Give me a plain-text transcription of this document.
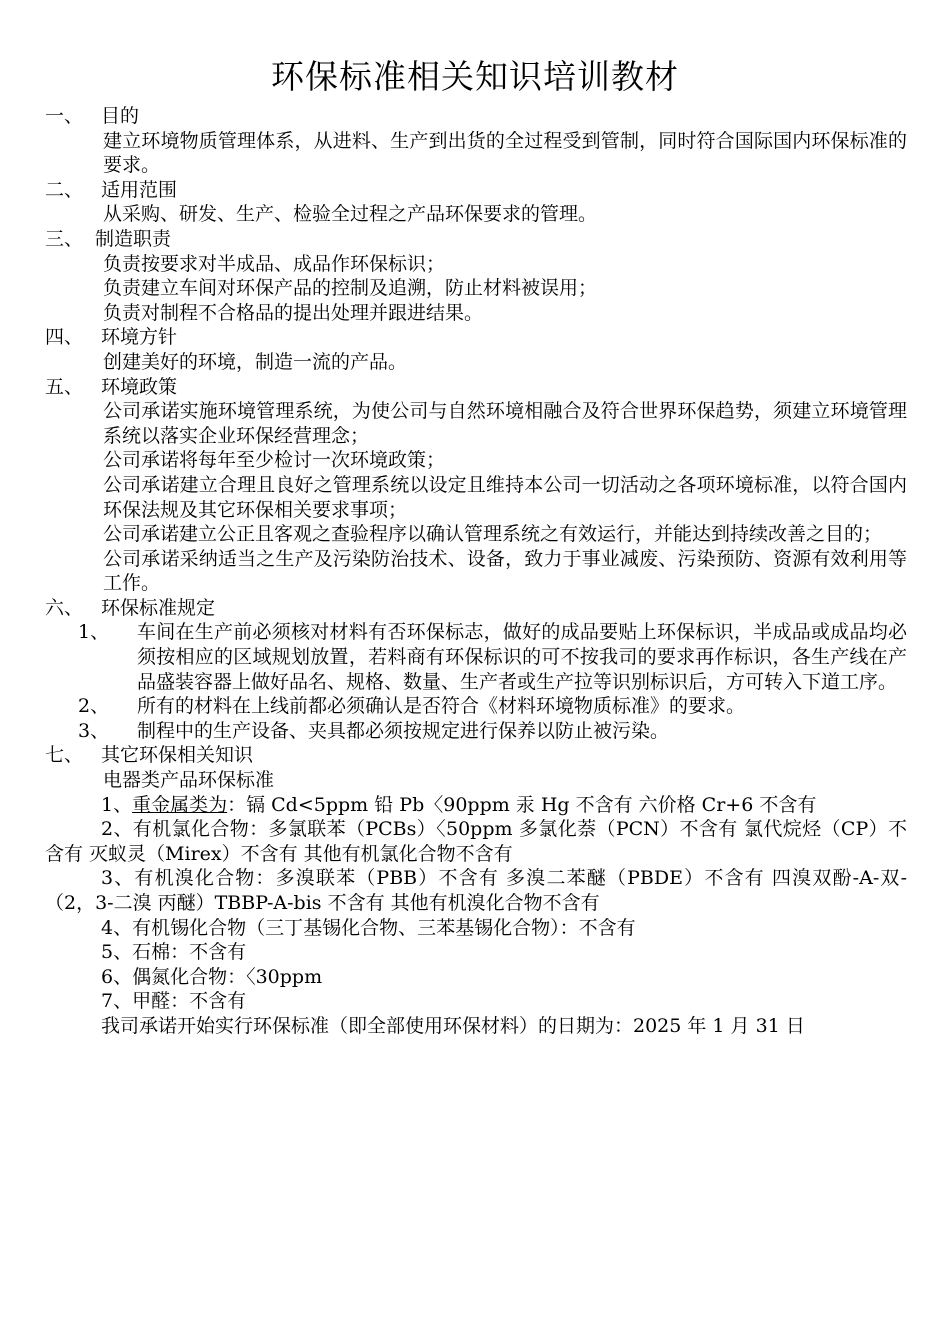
环保标准相关知识培训教材

一、 目的

建立环境物质管理体系，从进料、生产到出货的全过程受到管制，同时符合国际国内环保标准的要求。

二、 适用范围

从采购、研发、生产、检验全过程之产品环保要求的管理。

三、 制造职责

负责按要求对半成品、成品作环保标识；

负责建立车间对环保产品的控制及追溯，防止材料被误用；

负责对制程不合格品的提出处理并跟进结果。

四、 环境方针

创建美好的环境，制造一流的产品。

五、 环境政策

公司承诺实施环境管理系统，为使公司与自然环境相融合及符合世界环保趋势，须建立环境管理系统以落实企业环保经营理念；

公司承诺将每年至少检讨一次环境政策；

公司承诺建立合理且良好之管理系统以设定且维持本公司一切活动之各项环境标准，以符合国内环保法规及其它环保相关要求事项；

公司承诺建立公正且客观之查验程序以确认管理系统之有效运行，并能达到持续改善之目的；

公司承诺采纳适当之生产及污染防治技术、设备，致力于事业减废、污染预防、资源有效利用等工作。

六、 环保标准规定

1、 车间在生产前必须核对材料有否环保标志，做好的成品要贴上环保标识，半成品或成品均必须按相应的区域规划放置，若料商有环保标识的可不按我司的要求再作标识，各生产线在产品盛装容器上做好品名、规格、数量、生产者或生产拉等识别标识后，方可转入下道工序。

2、 所有的材料在上线前都必须确认是否符合《材料环境物质标准》的要求。

3、 制程中的生产设备、夹具都必须按规定进行保养以防止被污染。

七、 其它环保相关知识

电器类产品环保标准

1、重金属类为：镉 Cd<5ppm 铅 Pb〈90ppm 汞 Hg 不含有 六价格 Cr+6 不含有

2、有机氯化合物：多氯联苯（PCBs）〈50ppm 多氯化萘（PCN）不含有 氯代烷烃（CP）不含有 灭蚁灵（Mirex）不含有 其他有机氯化合物不含有

3、有机溴化合物：多溴联苯（PBB）不含有 多溴二苯醚（PBDE）不含有 四溴双酚-A-双-（2，3-二溴 丙醚）TBBP-A-bis 不含有 其他有机溴化合物不含有

4、有机锡化合物（三丁基锡化合物、三苯基锡化合物）：不含有

5、石棉：不含有

6、偶氮化合物：〈30ppm

7、甲醛：不含有

我司承诺开始实行环保标准（即全部使用环保材料）的日期为：2025 年 1 月 31 日
